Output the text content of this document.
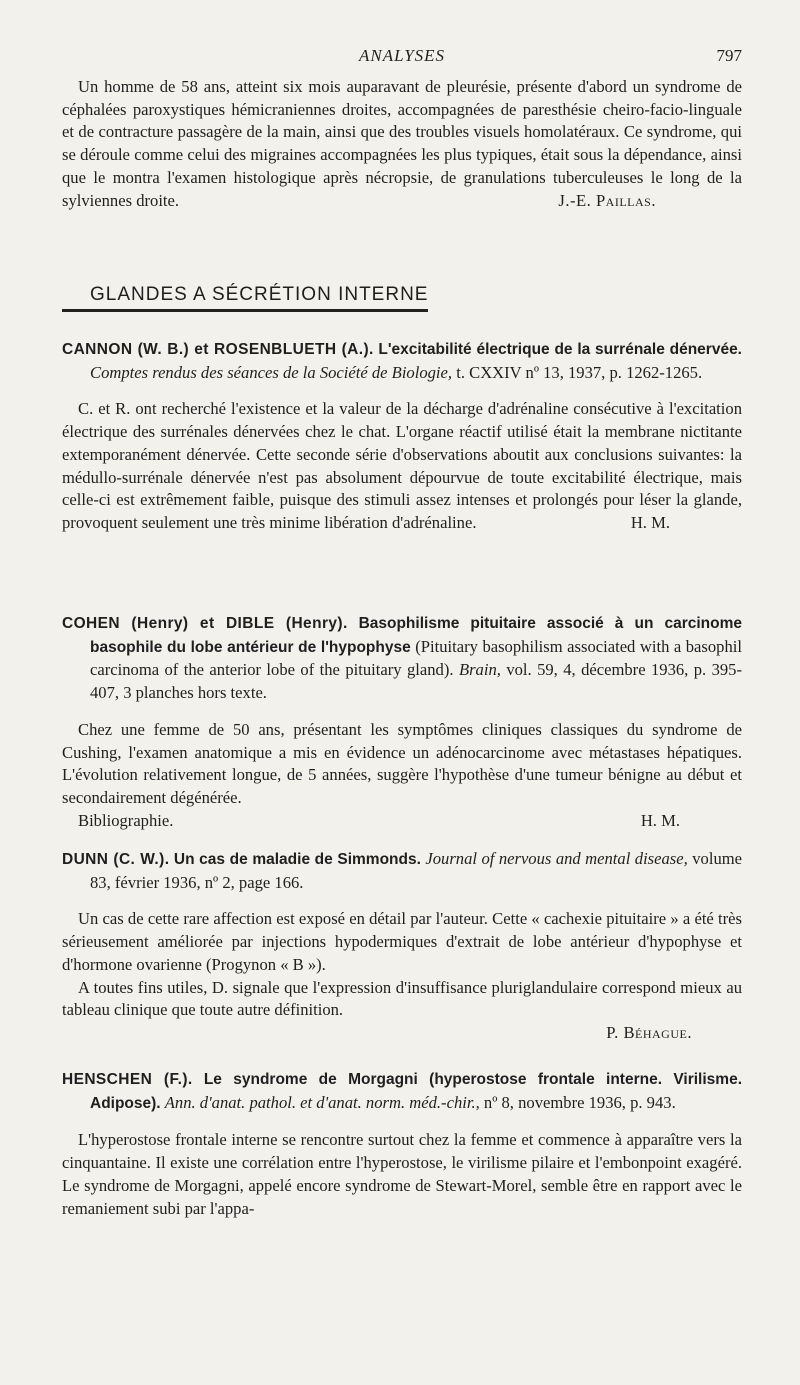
ANALYSES	797

Un homme de 58 ans, atteint six mois auparavant de pleurésie, présente d'abord un syndrome de céphalées paroxystiques hémicraniennes droites, accompagnées de paresthésie cheiro-facio-linguale et de contracture passagère de la main, ainsi que des troubles visuels homolatéraux. Ce syndrome, qui se déroule comme celui des migraines accompagnées les plus typiques, était sous la dépendance, ainsi que le montra l'examen histologique après nécropsie, de granulations tuberculeuses le long de la sylviennes droite.	J.-E. Paillas.
GLANDES A SÉCRÉTION INTERNE
CANNON (W. B.) et ROSENBLUETH (A.). L'excitabilité électrique de la surrénale dénervée. Comptes rendus des séances de la Société de Biologie, t. CXXIV nº 13, 1937, p. 1262-1265.

C. et R. ont recherché l'existence et la valeur de la décharge d'adrénaline consécutive à l'excitation électrique des surrénales dénervées chez le chat. L'organe réactif utilisé était la membrane nictitante extemporanément dénervée. Cette seconde série d'observations aboutit aux conclusions suivantes: la médullo-surrénale dénervée n'est pas absolument dépourvue de toute excitabilité électrique, mais celle-ci est extrêmement faible, puisque des stimuli assez intenses et prolongés pour léser la glande, provoquent seulement une très minime libération d'adrénaline.	H. M.
COHEN (Henry) et DIBLE (Henry). Basophilisme pituitaire associé à un carcinome basophile du lobe antérieur de l'hypophyse (Pituitary basophilism associated with a basophil carcinoma of the anterior lobe of the pituitary gland). Brain, vol. 59, 4, décembre 1936, p. 395-407, 3 planches hors texte.

Chez une femme de 50 ans, présentant les symptômes cliniques classiques du syndrome de Cushing, l'examen anatomique a mis en évidence un adénocarcinome avec métastases hépatiques. L'évolution relativement longue, de 5 années, suggère l'hypothèse d'une tumeur bénigne au début et secondairement dégénérée.

Bibliographie.	H. M.
DUNN (C. W.). Un cas de maladie de Simmonds. Journal of nervous and mental disease, volume 83, février 1936, nº 2, page 166.

Un cas de cette rare affection est exposé en détail par l'auteur. Cette « cachexie pituitaire » a été très sérieusement améliorée par injections hypodermiques d'extrait de lobe antérieur d'hypophyse et d'hormone ovarienne (Progynon « B »).

A toutes fins utiles, D. signale que l'expression d'insuffisance pluriglandulaire correspond mieux au tableau clinique que toute autre définition.

P. Béhague.
HENSCHEN (F.). Le syndrome de Morgagni (hyperostose frontale interne. Virilisme. Adipose). Ann. d'anat. pathol. et d'anat. norm. méd.-chir., nº 8, novembre 1936, p. 943.

L'hyperostose frontale interne se rencontre surtout chez la femme et commence à apparaître vers la cinquantaine. Il existe une corrélation entre l'hyperostose, le virilisme pilaire et l'embonpoint exagéré. Le syndrome de Morgagni, appelé encore syndrome de Stewart-Morel, semble être en rapport avec le remaniement subi par l'appa-
